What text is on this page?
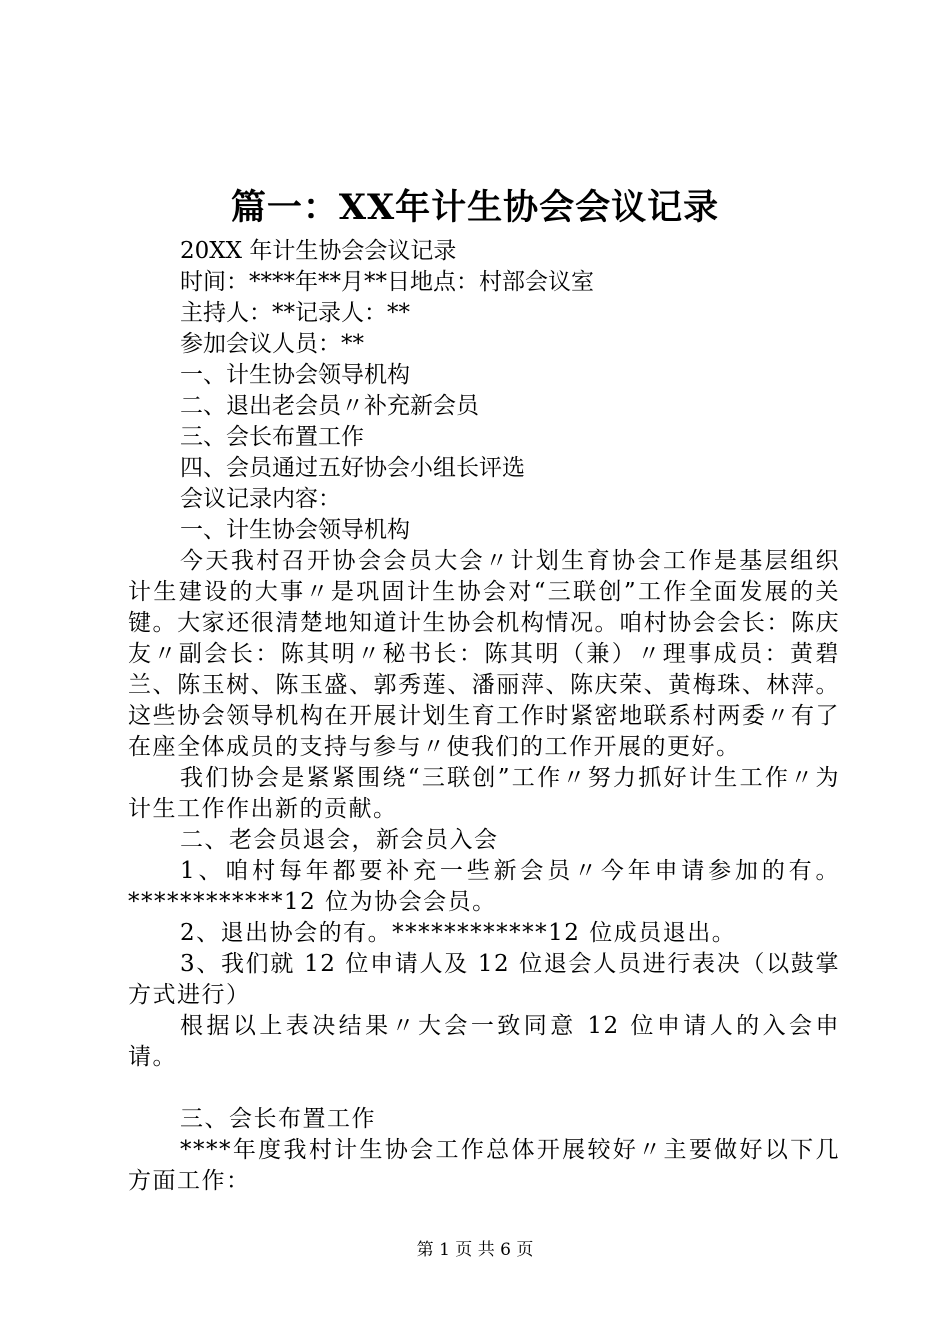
篇一：XX年计生协会会议记录

20XX 年计生协会会议记录

时间：****年**月**日地点：村部会议室

主持人：**记录人：**

参加会议人员：**

一、计生协会领导机构

二、退出老会员〃补充新会员

三、会长布置工作

四、会员通过五好协会小组长评选

会议记录内容：

一、计生协会领导机构

今天我村召开协会会员大会〃计划生育协会工作是基层组织计生建设的大事〃是巩固计生协会对“三联创”工作全面发展的关键。大家还很清楚地知道计生协会机构情况。咱村协会会长：陈庆友〃副会长：陈其明〃秘书长：陈其明（兼）〃理事成员：黄碧兰、陈玉树、陈玉盛、郭秀莲、潘丽萍、陈庆荣、黄梅珠、林萍。这些协会领导机构在开展计划生育工作时紧密地联系村两委〃有了在座全体成员的支持与参与〃使我们的工作开展的更好。

我们协会是紧紧围绕“三联创”工作〃努力抓好计生工作〃为计生工作作出新的贡献。

二、老会员退会，新会员入会

1、咱村每年都要补充一些新会员〃今年申请参加的有。************12 位为协会会员。

2、退出协会的有。************12 位成员退出。

3、我们就 12 位申请人及 12 位退会人员进行表决（以鼓掌方式进行）

根据以上表决结果〃大会一致同意 12 位申请人的入会申请。

三、会长布置工作

****年度我村计生协会工作总体开展较好〃主要做好以下几方面工作：

第 1 页 共 6 页
